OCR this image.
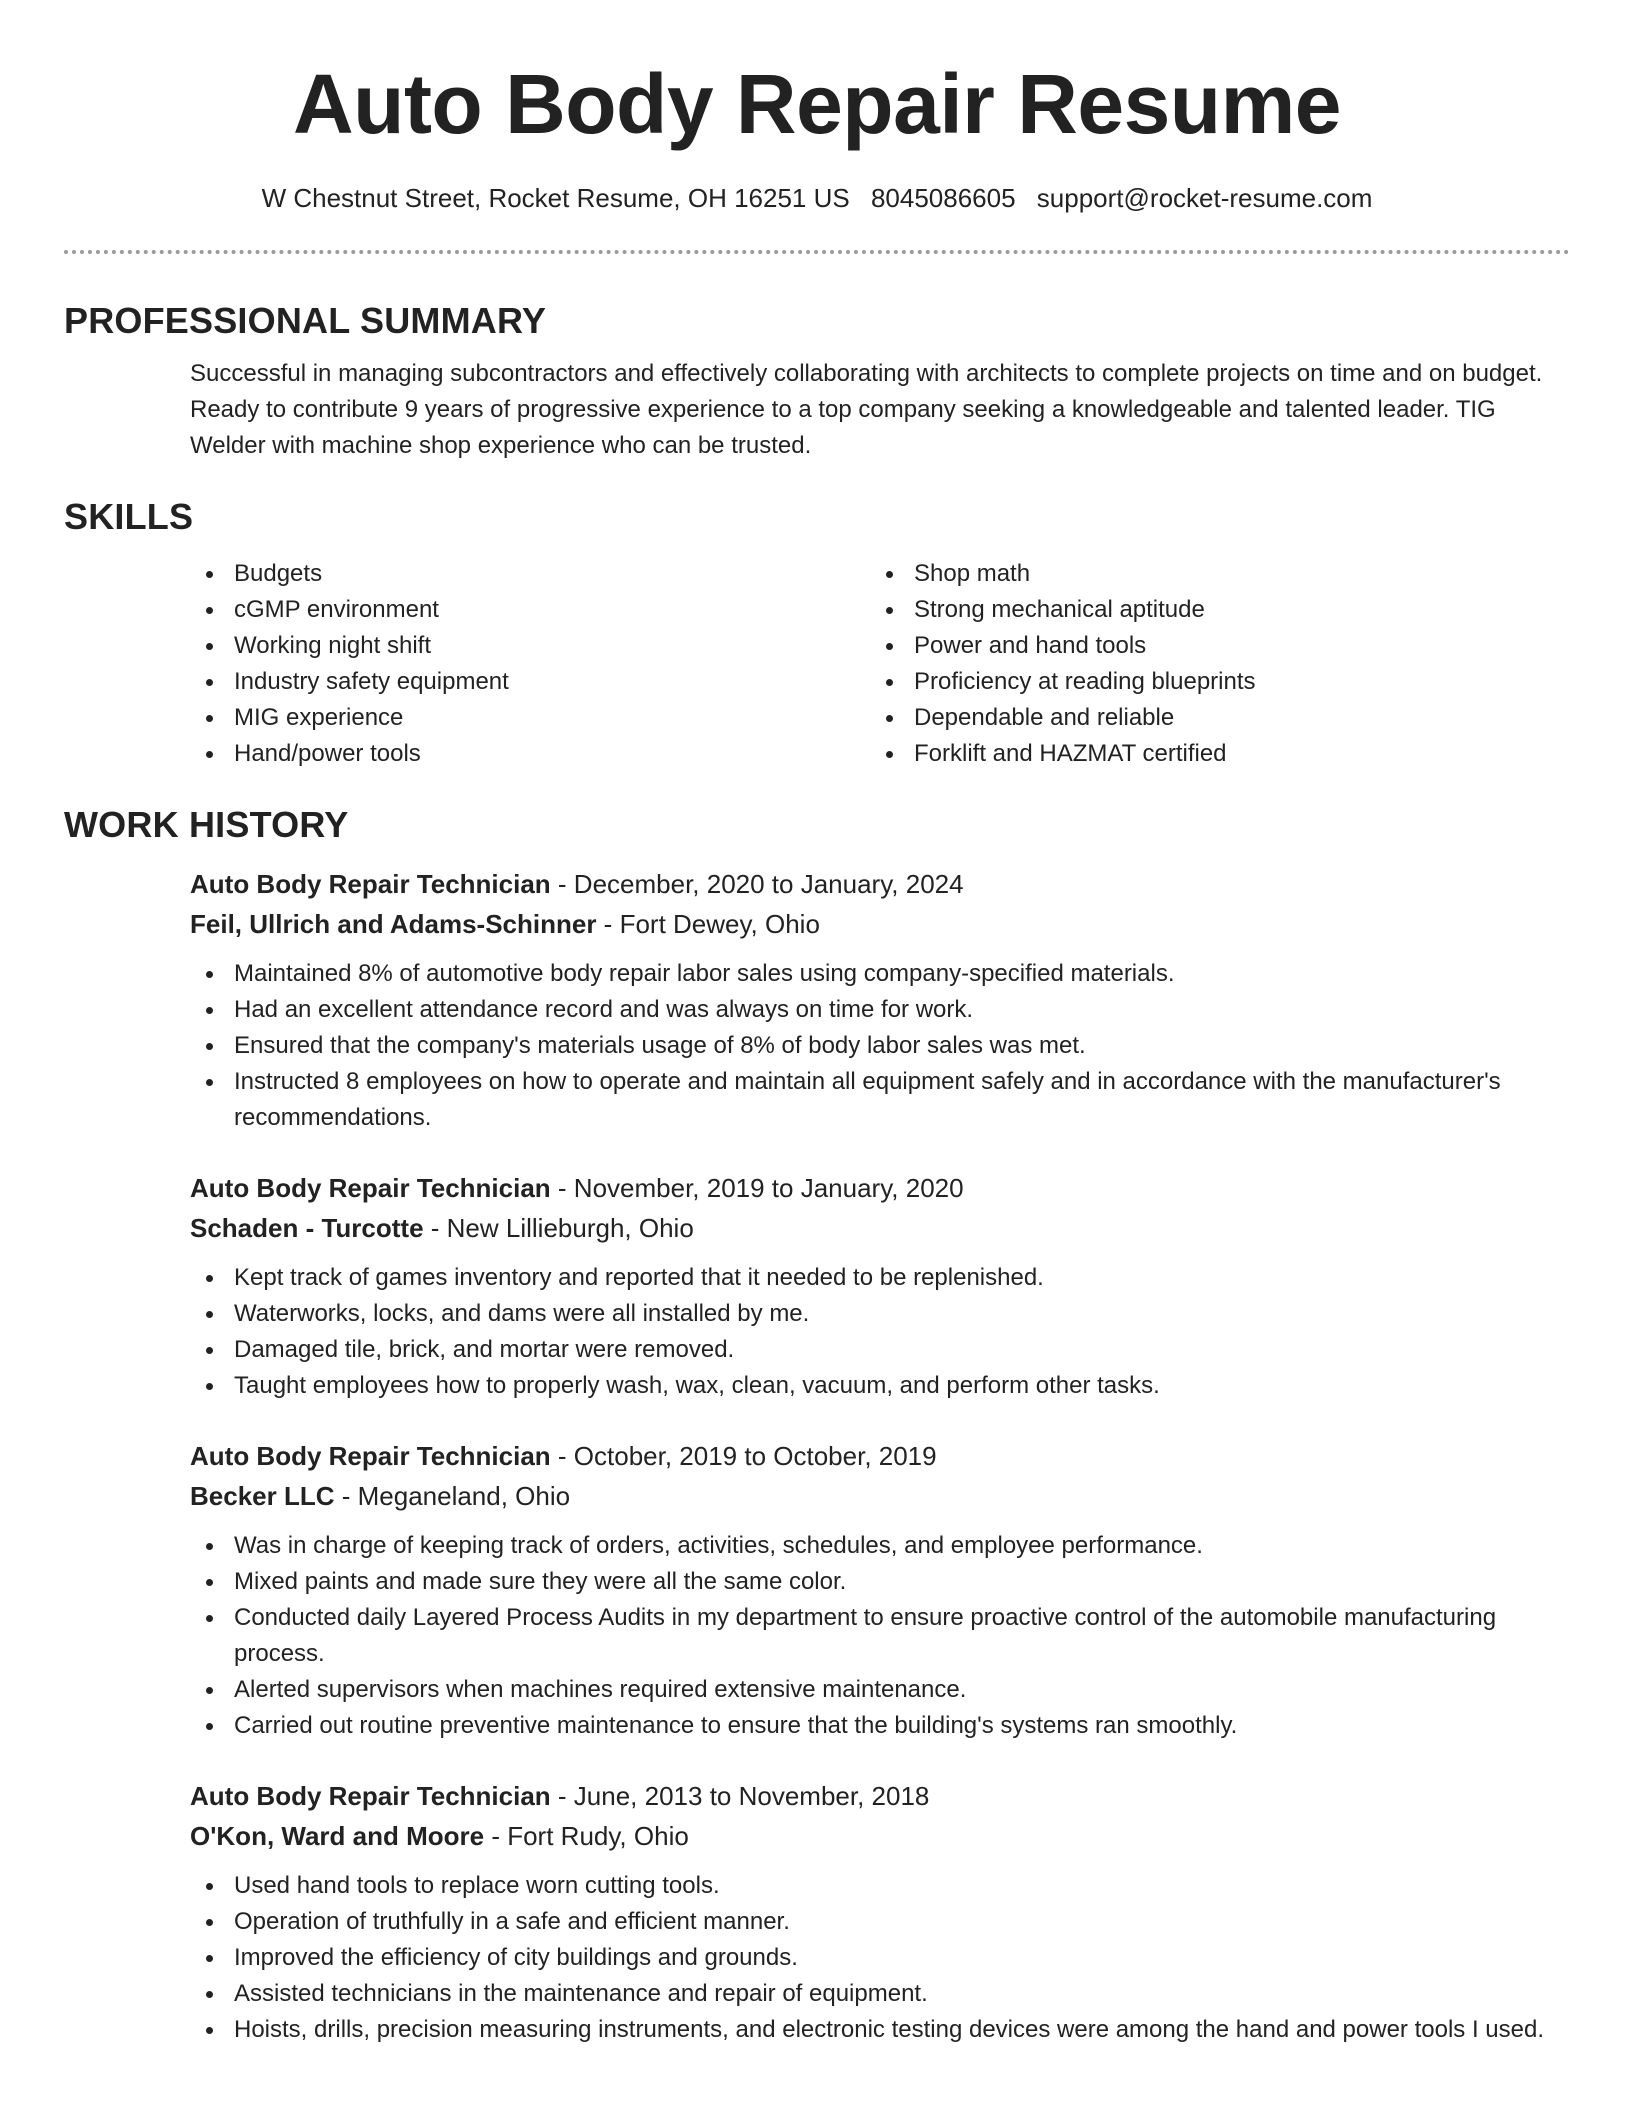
Auto Body Repair Resume
W Chestnut Street, Rocket Resume, OH 16251 US 8045086605 support@rocket-resume.com
PROFESSIONAL SUMMARY

Successful in managing subcontractors and effectively collaborating with architects to complete projects on time and on budget. Ready to contribute 9 years of progressive experience to a top company seeking a knowledgeable and talented leader. TIG Welder with machine shop experience who can be trusted.

SKILLS
Budgets
cGMP environment
Working night shift
Industry safety equipment
MIG experience
Hand/power tools
Shop math
Strong mechanical aptitude
Power and hand tools
Proficiency at reading blueprints
Dependable and reliable
Forklift and HAZMAT certified
WORK HISTORY
Auto Body Repair Technician - December, 2020 to January, 2024
Feil, Ullrich and Adams-Schinner - Fort Dewey, Ohio
Maintained 8% of automotive body repair labor sales using company-specified materials.
Had an excellent attendance record and was always on time for work.
Ensured that the company's materials usage of 8% of body labor sales was met.
Instructed 8 employees on how to operate and maintain all equipment safely and in accordance with the manufacturer's recommendations.
Auto Body Repair Technician - November, 2019 to January, 2020
Schaden - Turcotte - New Lillieburgh, Ohio
Kept track of games inventory and reported that it needed to be replenished.
Waterworks, locks, and dams were all installed by me.
Damaged tile, brick, and mortar were removed.
Taught employees how to properly wash, wax, clean, vacuum, and perform other tasks.
Auto Body Repair Technician - October, 2019 to October, 2019
Becker LLC - Meganeland, Ohio
Was in charge of keeping track of orders, activities, schedules, and employee performance.
Mixed paints and made sure they were all the same color.
Conducted daily Layered Process Audits in my department to ensure proactive control of the automobile manufacturing process.
Alerted supervisors when machines required extensive maintenance.
Carried out routine preventive maintenance to ensure that the building's systems ran smoothly.
Auto Body Repair Technician - June, 2013 to November, 2018
O'Kon, Ward and Moore - Fort Rudy, Ohio
Used hand tools to replace worn cutting tools.
Operation of truthfully in a safe and efficient manner.
Improved the efficiency of city buildings and grounds.
Assisted technicians in the maintenance and repair of equipment.
Hoists, drills, precision measuring instruments, and electronic testing devices were among the hand and power tools I used.
